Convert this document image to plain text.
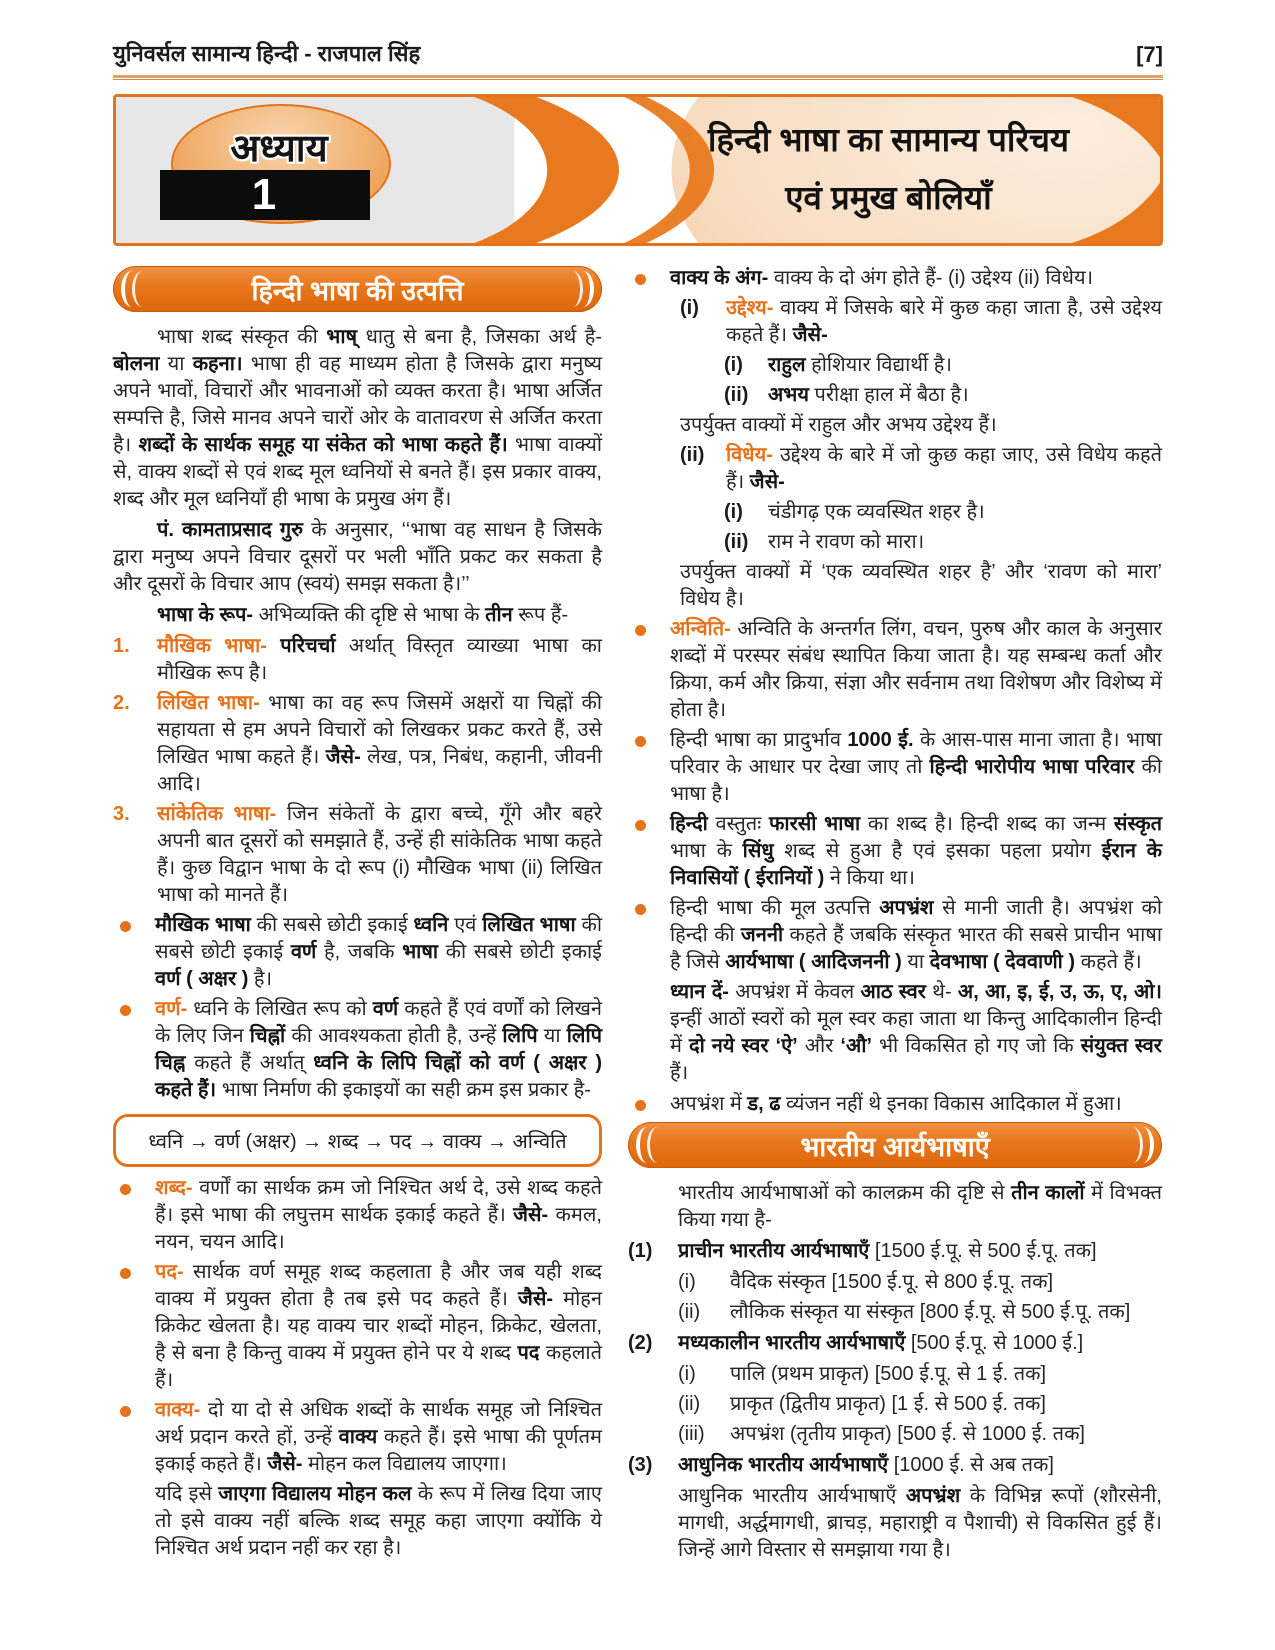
युनिवर्सल सामान्य हिन्दी - राजपाल सिंह	[7]
अध्याय
1
हिन्दी भाषा का सामान्य परिचय
एवं प्रमुख बोलियाँ
हिन्दी भाषा की उत्पत्ति

भाषा शब्द संस्कृत की भाष् धातु से बना है, जिसका अर्थ है- बोलना या कहना। भाषा ही वह माध्यम होता है जिसके द्वारा मनुष्य अपने भावों, विचारों और भावनाओं को व्यक्त करता है। भाषा अर्जित सम्पत्ति है, जिसे मानव अपने चारों ओर के वातावरण से अर्जित करता है। शब्दों के सार्थक समूह या संकेत को भाषा कहते हैं। भाषा वाक्यों से, वाक्य शब्दों से एवं शब्द मूल ध्वनियों से बनते हैं। इस प्रकार वाक्य, शब्द और मूल ध्वनियाँ ही भाषा के प्रमुख अंग हैं।

पं. कामताप्रसाद गुरु के अनुसार, ‘‘भाषा वह साधन है जिसके द्वारा मनुष्य अपने विचार दूसरों पर भली भाँति प्रकट कर सकता है और दूसरों के विचार आप (स्वयं) समझ सकता है।’’

भाषा के रूप- अभिव्यक्ति की दृष्टि से भाषा के तीन रूप हैं-

1.	मौखिक भाषा- परिचर्चा अर्थात् विस्तृत व्याख्या भाषा का मौखिक रूप है।
2.	लिखित भाषा- भाषा का वह रूप जिसमें अक्षरों या चिह्नों की सहायता से हम अपने विचारों को लिखकर प्रकट करते हैं, उसे लिखित भाषा कहते हैं। जैसे- लेख, पत्र, निबंध, कहानी, जीवनी आदि।
3.	सांकेतिक भाषा- जिन संकेतों के द्वारा बच्चे, गूँगे और बहरे अपनी बात दूसरों को समझाते हैं, उन्हें ही सांकेतिक भाषा कहते हैं। कुछ विद्वान भाषा के दो रूप (i) मौखिक भाषा (ii) लिखित भाषा को मानते हैं।
मौखिक भाषा की सबसे छोटी इकाई ध्वनि एवं लिखित भाषा की सबसे छोटी इकाई वर्ण है, जबकि भाषा की सबसे छोटी इकाई वर्ण ( अक्षर ) है।
वर्ण- ध्वनि के लिखित रूप को वर्ण कहते हैं एवं वर्णों को लिखने के लिए जिन चिह्नों की आवश्यकता होती है, उन्हें लिपि या लिपि चिह्न कहते हैं अर्थात् ध्वनि के लिपि चिह्नों को वर्ण ( अक्षर ) कहते हैं। भाषा निर्माण की इकाइयों का सही क्रम इस प्रकार है-
ध्वनि → वर्ण (अक्षर) → शब्द → पद → वाक्य → अन्विति
शब्द- वर्णों का सार्थक क्रम जो निश्चित अर्थ दे, उसे शब्द कहते हैं। इसे भाषा की लघुत्तम सार्थक इकाई कहते हैं। जैसे- कमल, नयन, चयन आदि।
पद- सार्थक वर्ण समूह शब्द कहलाता है और जब यही शब्द वाक्य में प्रयुक्त होता है तब इसे पद कहते हैं। जैसे- मोहन क्रिकेट खेलता है। यह वाक्य चार शब्दों मोहन, क्रिकेट, खेलता, है से बना है किन्तु वाक्य में प्रयुक्त होने पर ये शब्द पद कहलाते हैं।
वाक्य- दो या दो से अधिक शब्दों के सार्थक समूह जो निश्चित अर्थ प्रदान करते हों, उन्हें वाक्य कहते हैं। इसे भाषा की पूर्णतम इकाई कहते हैं। जैसे- मोहन कल विद्यालय जाएगा।
यदि इसे जाएगा विद्यालय मोहन कल के रूप में लिख दिया जाए तो इसे वाक्य नहीं बल्कि शब्द समूह कहा जाएगा क्योंकि ये निश्चित अर्थ प्रदान नहीं कर रहा है।
वाक्य के अंग- वाक्य के दो अंग होते हैं- (i) उद्देश्य (ii) विधेय।
(i)	उद्देश्य- वाक्य में जिसके बारे में कुछ कहा जाता है, उसे उद्देश्य कहते हैं। जैसे-
(i)	राहुल होशियार विद्यार्थी है।
(ii) अभय परीक्षा हाल में बैठा है।
उपर्युक्त वाक्यों में राहुल और अभय उद्देश्य हैं।
(ii)	विधेय- उद्देश्य के बारे में जो कुछ कहा जाए, उसे विधेय कहते हैं। जैसे-
(i)	चंडीगढ़ एक व्यवस्थित शहर है।
(ii) राम ने रावण को मारा।
उपर्युक्त वाक्यों में ‘एक व्यवस्थित शहर है’ और ‘रावण को मारा’ विधेय है।
अन्विति- अन्विति के अन्तर्गत लिंग, वचन, पुरुष और काल के अनुसार शब्दों में परस्पर संबंध स्थापित किया जाता है। यह सम्बन्ध कर्ता और क्रिया, कर्म और क्रिया, संज्ञा और सर्वनाम तथा विशेषण और विशेष्य में होता है।
हिन्दी भाषा का प्रादुर्भाव 1000 ई. के आस-पास माना जाता है। भाषा परिवार के आधार पर देखा जाए तो हिन्दी भारोपीय भाषा परिवार की भाषा है।
हिन्दी वस्तुतः फारसी भाषा का शब्द है। हिन्दी शब्द का जन्म संस्कृत भाषा के सिंधु शब्द से हुआ है एवं इसका पहला प्रयोग ईरान के निवासियों ( ईरानियों ) ने किया था।
हिन्दी भाषा की मूल उत्पत्ति अपभ्रंश से मानी जाती है। अपभ्रंश को हिन्दी की जननी कहते हैं जबकि संस्कृत भारत की सबसे प्राचीन भाषा है जिसे आर्यभाषा ( आदिजननी ) या देवभाषा ( देववाणी ) कहते हैं।
ध्यान दें- अपभ्रंश में केवल आठ स्वर थे- अ, आ, इ, ई, उ, ऊ, ए, ओ। इन्हीं आठों स्वरों को मूल स्वर कहा जाता था किन्तु आदिकालीन हिन्दी में दो नये स्वर ‘ऐ’ और ‘औ’ भी विकसित हो गए जो कि संयुक्त स्वर हैं।
अपभ्रंश में ड, ढ व्यंजन नहीं थे इनका विकास आदिकाल में हुआ।
भारतीय आर्यभाषाएँ
भारतीय आर्यभाषाओं को कालक्रम की दृष्टि से तीन कालों में विभक्त किया गया है-
(1)	प्राचीन भारतीय आर्यभाषाएँ [1500 ई.पू. से 500 ई.पू. तक]
(i)	वैदिक संस्कृत [1500 ई.पू. से 800 ई.पू. तक]
(ii)	लौकिक संस्कृत या संस्कृत [800 ई.पू. से 500 ई.पू. तक]
(2)	मध्यकालीन भारतीय आर्यभाषाएँ [500 ई.पू. से 1000 ई.]
(i)	पालि (प्रथम प्राकृत) [500 ई.पू. से 1 ई. तक]
(ii)	प्राकृत (द्वितीय प्राकृत) [1 ई. से 500 ई. तक]
(iii)	अपभ्रंश (तृतीय प्राकृत) [500 ई. से 1000 ई. तक]
(3)	आधुनिक भारतीय आर्यभाषाएँ [1000 ई. से अब तक]
आधुनिक भारतीय आर्यभाषाएँ अपभ्रंश के विभिन्न रूपों (शौरसेनी, मागधी, अर्द्धमागधी, ब्राचड़, महाराष्ट्री व पैशाची) से विकसित हुई हैं। जिन्हें आगे विस्तार से समझाया गया है।
